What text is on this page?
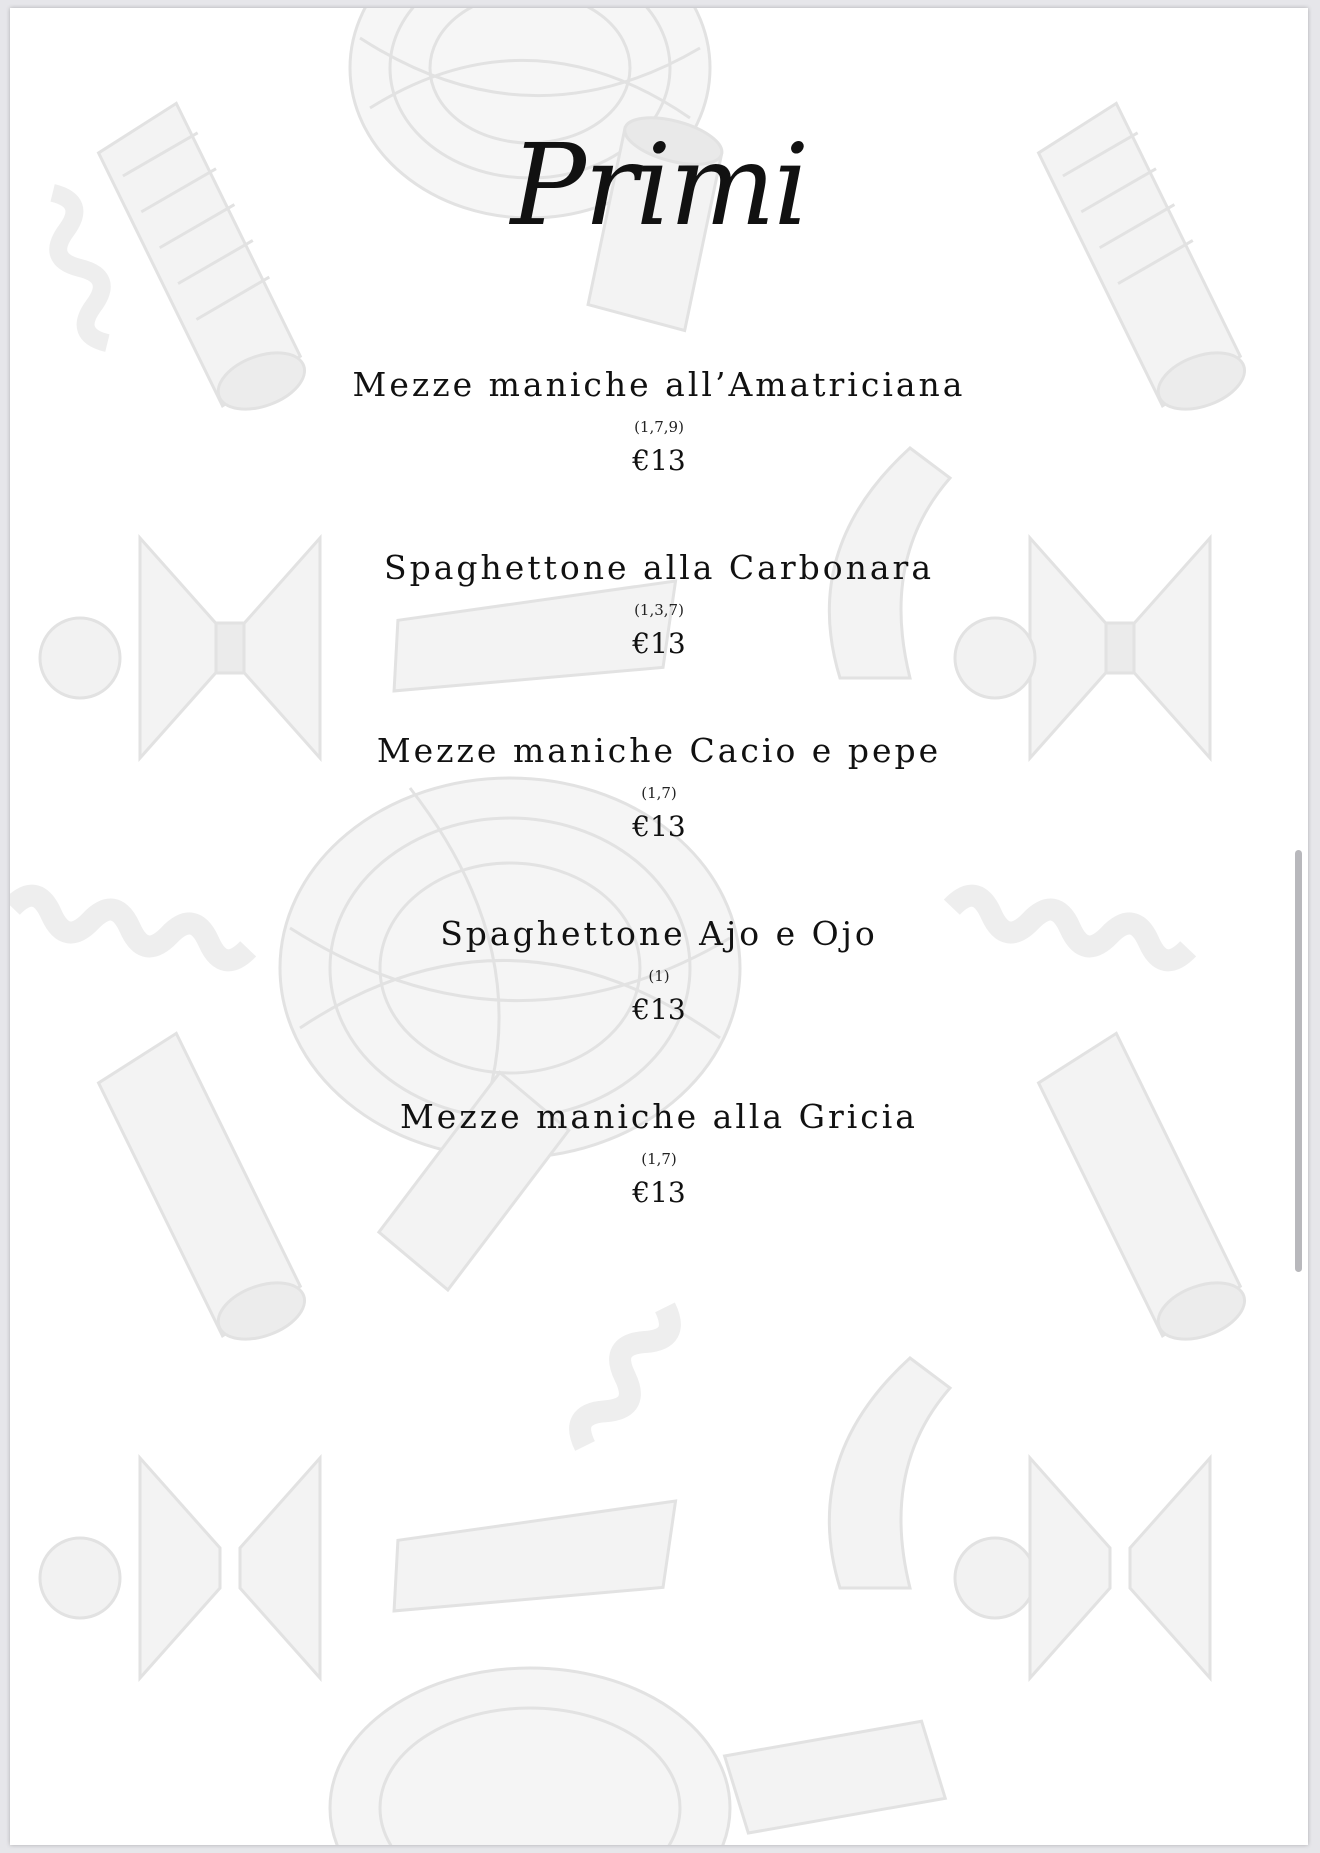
Primi
Mezze maniche all’Amatriciana
(1,7,9)
€13
Spaghettone alla Carbonara
(1,3,7)
€13
Mezze maniche Cacio e pepe
(1,7)
€13
Spaghettone Ajo e Ojo
(1)
€13
Mezze maniche alla Gricia
(1,7)
€13
